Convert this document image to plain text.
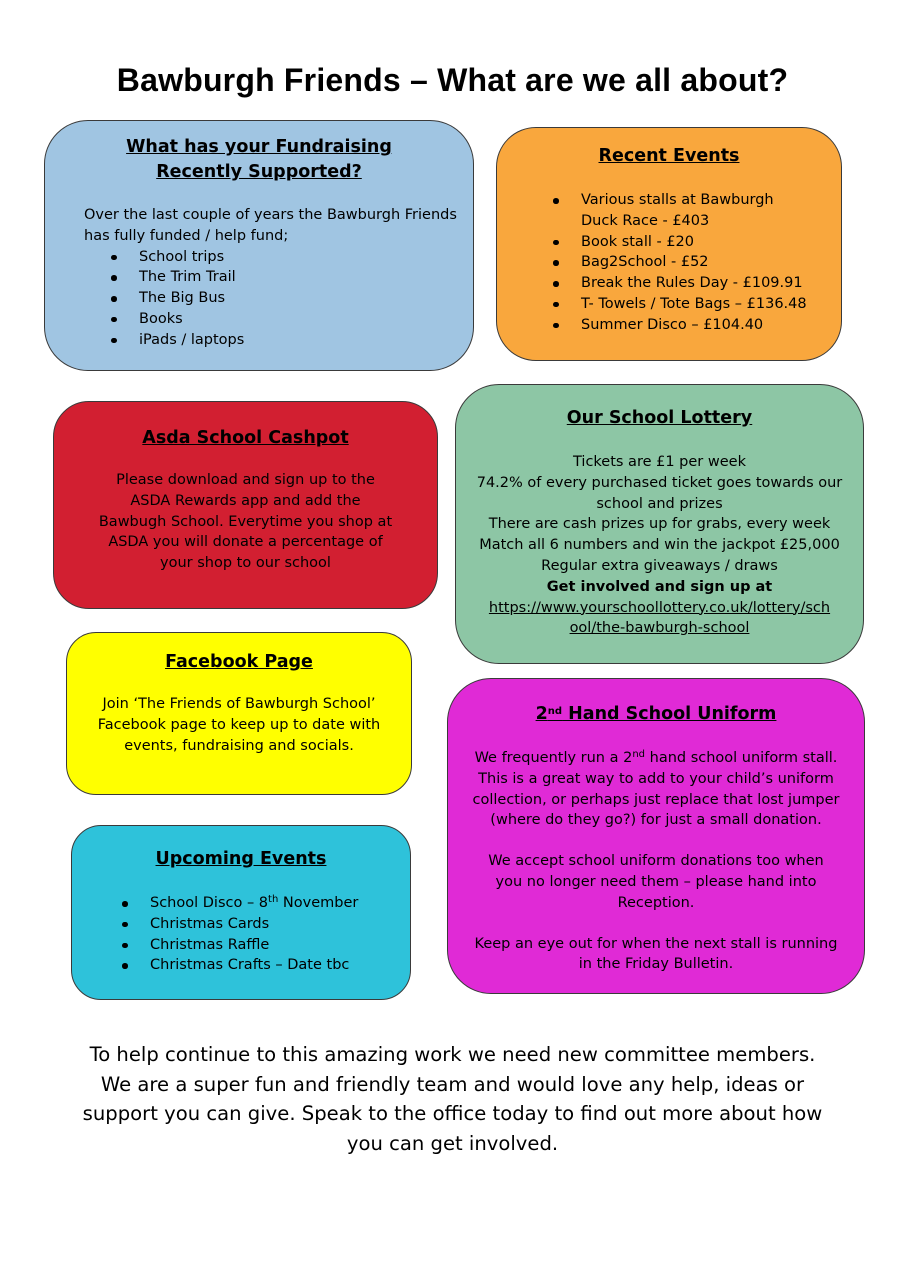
Bawburgh Friends – What are we all about?
What has your Fundraising
Recently Supported?
Over the last couple of years the Bawburgh Friends
has fully funded / help fund;
School trips
The Trim Trail
The Big Bus
Books
iPads / laptops
Recent Events
Various stalls at Bawburgh Duck Race - £403
Book stall - £20
Bag2School - £52
Break the Rules Day - £109.91
T- Towels / Tote Bags – £136.48
Summer Disco – £104.40
Asda School Cashpot
Please download and sign up to the
ASDA Rewards app and add the
Bawbugh School. Everytime you shop at
ASDA you will donate a percentage of
your shop to our school
Our School Lottery
Tickets are £1 per week
74.2% of every purchased ticket goes towards our
school and prizes
There are cash prizes up for grabs, every week
Match all 6 numbers and win the jackpot £25,000
Regular extra giveaways / draws
Get involved and sign up at
https://www.yourschoollottery.co.uk/lottery/sch
ool/the-bawburgh-school
Facebook Page
Join ‘The Friends of Bawburgh School’
Facebook page to keep up to date with
events, fundraising and socials.
2nd Hand School Uniform
We frequently run a 2nd hand school uniform stall.
This is a great way to add to your child’s uniform
collection, or perhaps just replace that lost jumper
(where do they go?) for just a small donation.
We accept school uniform donations too when
you no longer need them – please hand into
Reception.
Keep an eye out for when the next stall is running
in the Friday Bulletin.
Upcoming Events
School Disco – 8th November
Christmas Cards
Christmas Raffle
Christmas Crafts – Date tbc
To help continue to this amazing work we need new committee members.
We are a super fun and friendly team and would love any help, ideas or
support you can give. Speak to the office today to find out more about how
you can get involved.
